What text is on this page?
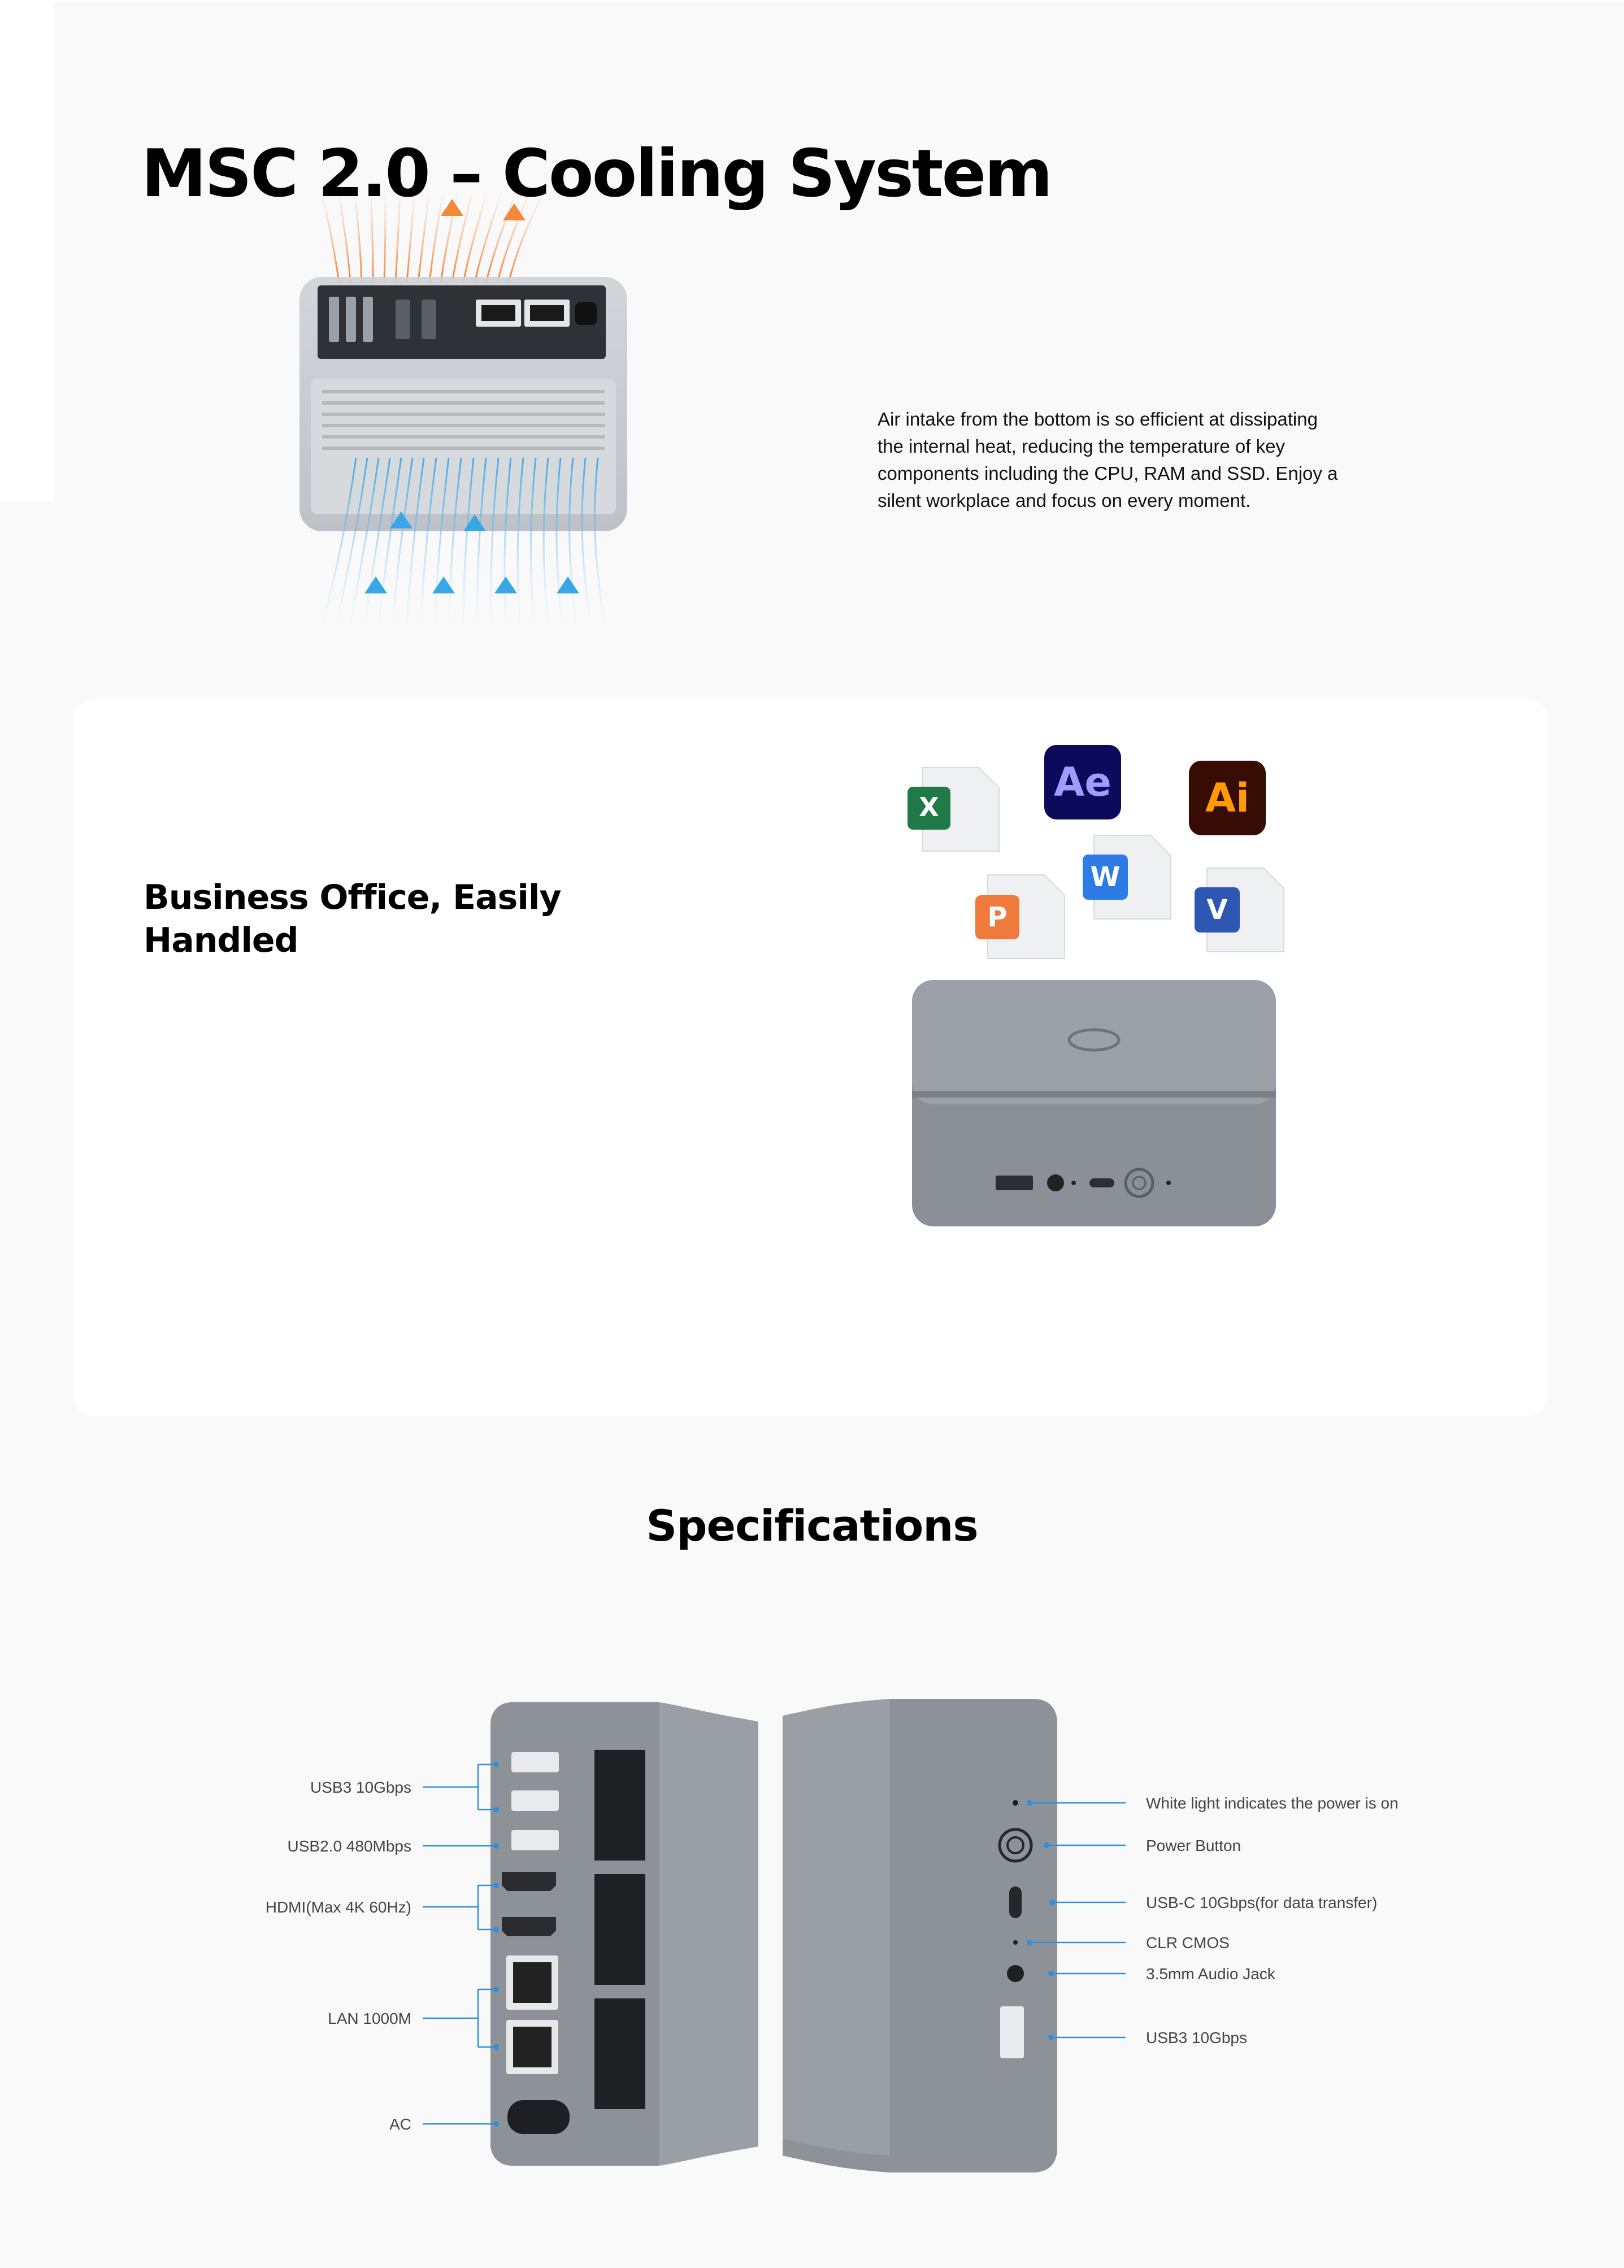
MSC 2.0 – Cooling System

Air intake from the bottom is so efficient at dissipating the internal heat, reducing the temperature of key components including the CPU, RAM and SSD. Enjoy a silent workplace and focus on every moment.

Business Office, Easily Handled
X
Ae Ai
W
P	V
Specifications
USB3 10Gbps
USB2.0 480Mbps
HDMI(Max 4K 60Hz)
LAN 1000M
AC
White light indicates the power is on
Power Button
USB-C 10Gbps(for data transfer)
CLR CMOS
3.5mm Audio Jack
USB3 10Gbps
